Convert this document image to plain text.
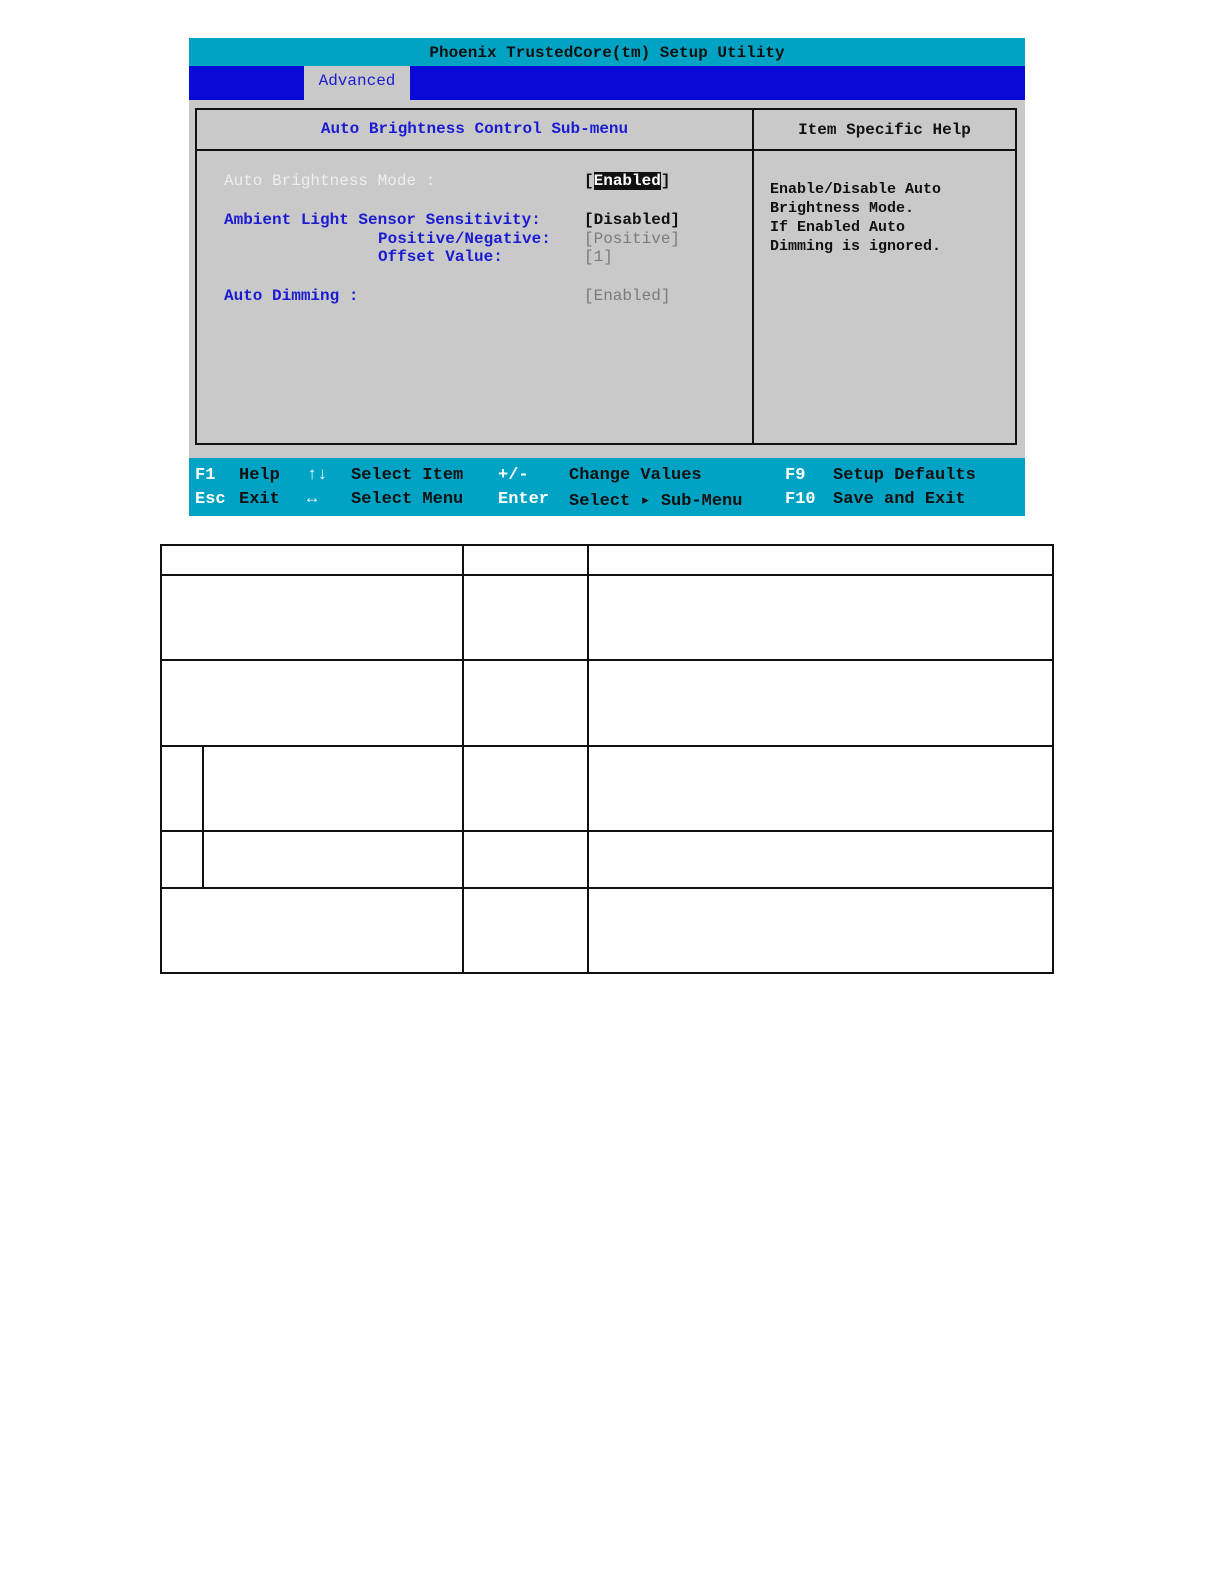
Phoenix TrustedCore(tm) Setup Utility
Advanced
Auto Brightness Control Sub-menu	Item Specific Help
Auto Brightness Mode :	[Enabled]
Ambient Light Sensor Sensitivity:	[Disabled]
Positive/Negative: [Positive]
Offset Value:	[1]
Auto Dimming :	[Enabled]
Enable/Disable Auto
Brightness Mode.
If Enabled Auto
Dimming is ignored.
F1 Help ↑↓ Select Item +/- Change Values	F9 Setup Defaults
Esc Exit ↔ Select Menu Enter Select ▸ Sub-Menu	F10 Save and Exit
